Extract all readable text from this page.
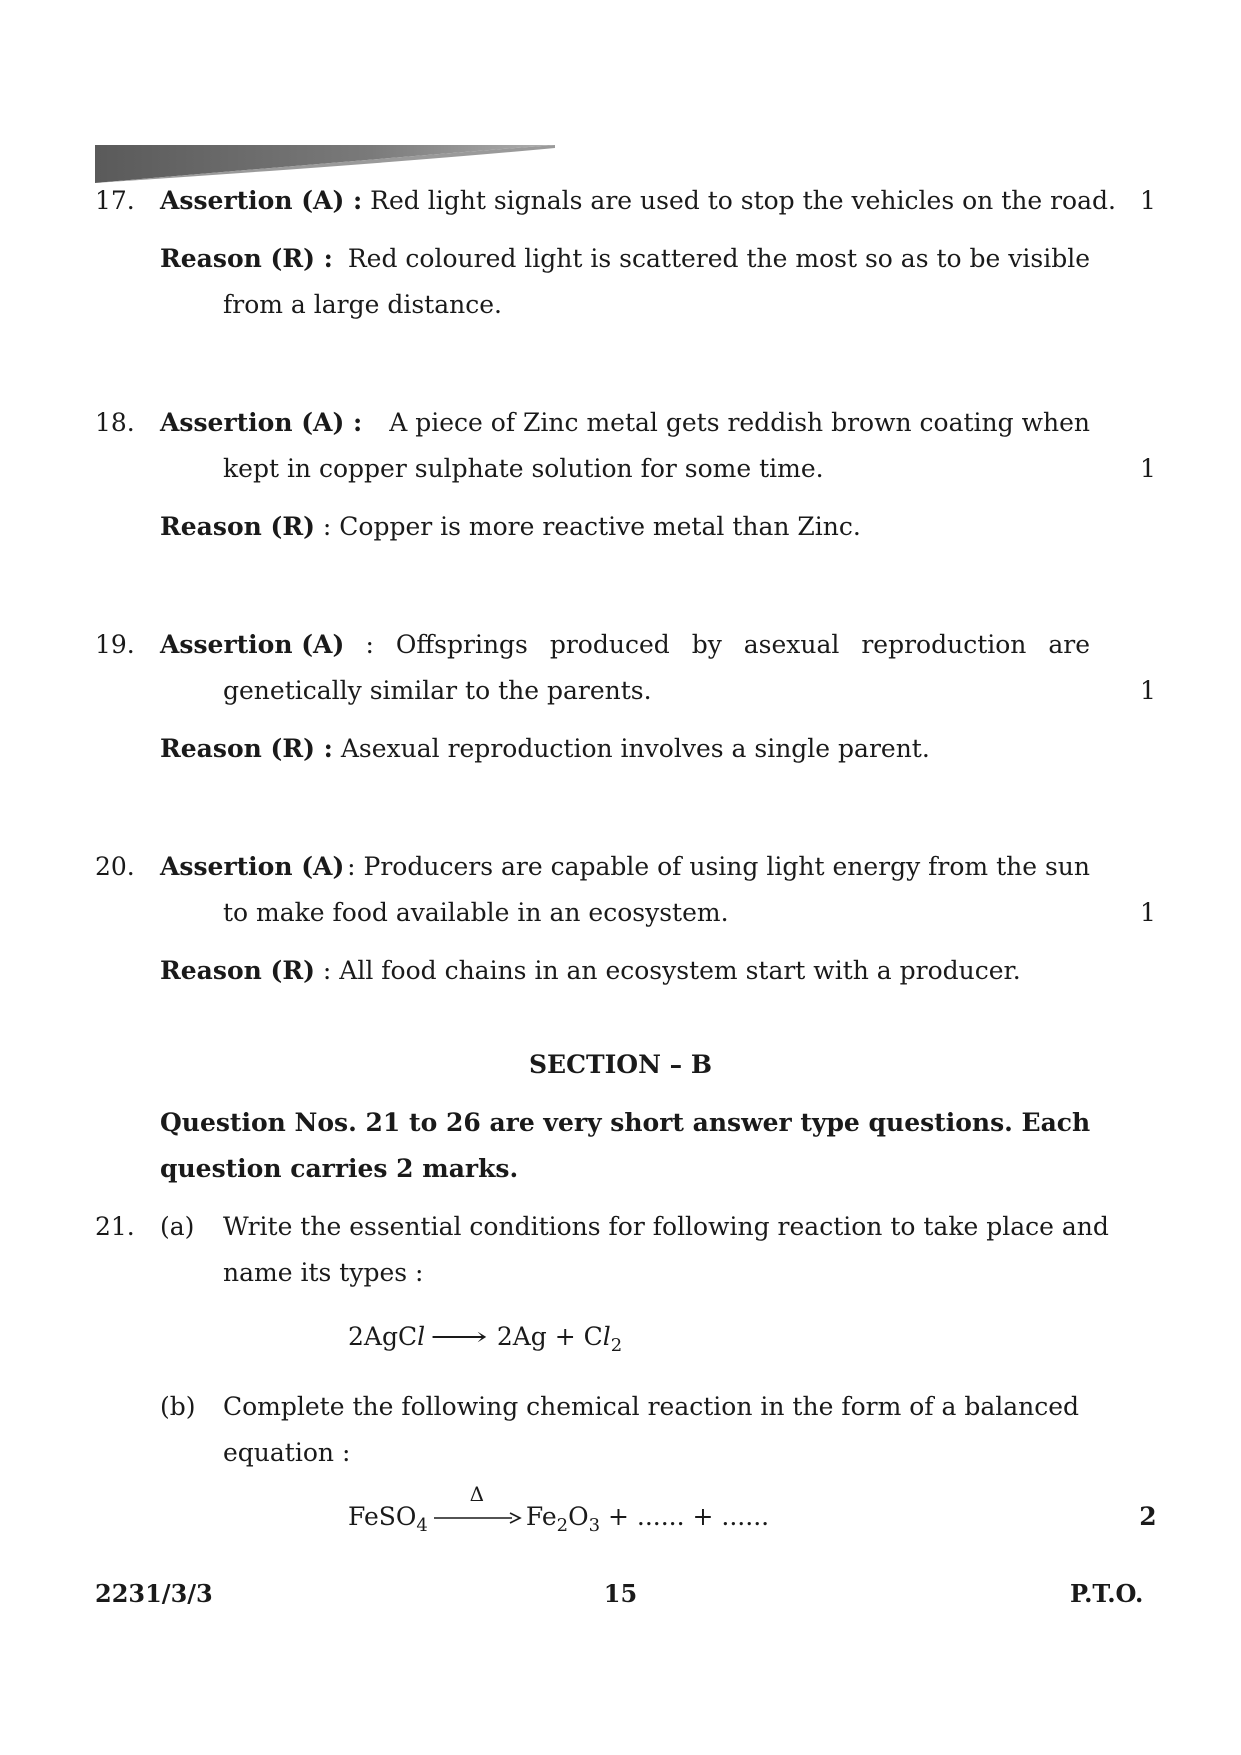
17. Assertion (A) : Red light signals are used to stop the vehicles on the road. 1
Reason (R) : Red coloured light is scattered the most so as to be visible
from a large distance.
18. Assertion (A) : A piece of Zinc metal gets reddish brown coating when
kept in copper sulphate solution for some time.	1
Reason (R) : Copper is more reactive metal than Zinc.
19. Assertion (A) : Offsprings produced by asexual reproduction are
genetically similar to the parents.	1
Reason (R) : Asexual reproduction involves a single parent.
20. Assertion (A) : Producers are capable of using light energy from the sun
to make food available in an ecosystem.	1
Reason (R) : All food chains in an ecosystem start with a producer.
SECTION – B
Question Nos. 21 to 26 are very short answer type questions. Each
question carries 2 marks.
21. (a) Write the essential conditions for following reaction to take place and
name its types :
2AgCl ⟶ $2Ag + Cl_2$
(b) Complete the following chemical reaction in the form of a balanced
equation :
FeSO$_4$
Δ
$Fe_2O_3$ + ...... + ......	2
2231/3/3	15	P.T.O.
